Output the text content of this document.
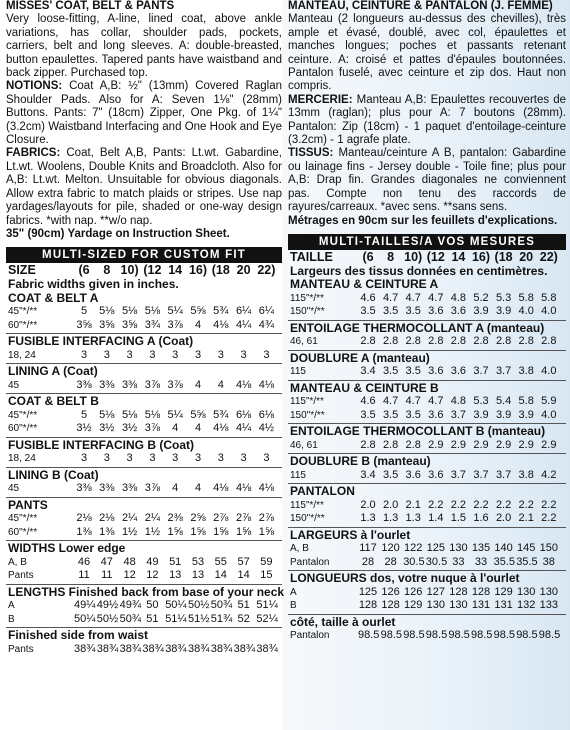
MISSES' COAT, BELT & PANTS

Very loose-fitting, A-line, lined coat, above ankle variations, has collar, shoulder pads, pockets, carriers, belt and long sleeves. A: double-breasted, button epaulettes. Tapered pants have waistband and back zipper. Purchased top.

NOTIONS: Coat A,B: ½" (13mm) Covered Raglan Shoulder Pads. Also for A: Seven 1⅛" (28mm) Buttons. Pants: 7" (18cm) Zipper, One Pkg. of 1¼" (3.2cm) Waistband Interfacing and One Hook and Eye Closure.

FABRICS: Coat, Belt A,B, Pants: Lt.wt. Gabardine, Lt.wt. Woolens, Double Knits and Broadcloth. Also for A,B: Lt.wt. Melton. Unsuitable for obvious diagonals. Allow extra fabric to match plaids or stripes. Use nap yardages/layouts for pile, shaded or one-way design fabrics. *with nap. **w/o nap.

35" (90cm) Yardage on Instruction Sheet.

MULTI-SIZED FOR CUSTOM FIT
SIZE	(6	8 10) (12 14 16) (18 20 22)
Fabric widths given in inches.
COAT & BELT A
45"*/**	5	5⅛ 5⅛ 5⅛ 5¼ 5⅝ 5¾ 6¼ 6¼
60"*/**	3⅝ 3⅝ 3⅝ 3¾ 3⅞	4	4⅛ 4¼ 4¾
FUSIBLE INTERFACING A (Coat)
18, 24	3	3	3	3	3	3	3	3	3
LINING A (Coat)
45	3⅜ 3⅜ 3⅜ 3⅞ 3⅞	4	4	4⅛ 4⅛
COAT & BELT B
45"*/**	5	5⅛ 5⅛ 5⅛ 5¼ 5⅝ 5¾ 6⅛ 6⅛
60"*/**	3½ 3½ 3½ 3⅞	4	4	4⅛ 4¼ 4½
FUSIBLE INTERFACING B (Coat)
18, 24	3	3	3	3	3	3	3	3	3
LINING B (Coat)
45	3⅜ 3⅜ 3⅜ 3⅞	4	4	4⅛ 4⅛ 4⅛
PANTS
45"*/**	2⅛ 2⅛ 2¼ 2¼ 2⅜ 2⅝ 2⅞ 2⅞ 2⅞
60"*/**	1⅜ 1⅜ 1½ 1½ 1⅝ 1⅝ 1⅝ 1⅝ 1⅝
WIDTHS Lower edge
A, B	46 47 48 49 51 53 55 57 59
Pants	11	11 12 12 13 13 14 14 15
LENGTHS Finished back from base of your neck
A	49¼ 49½ 49¾ 50 50¼ 50½ 50¾ 51 51¼
B	50¼ 50½ 50¾ 51 51¼ 51½ 51¾ 52 52¼
Finished side from waist
Pants	38¾ 38¾ 38¾ 38¾ 38¾ 38¾ 38¾ 38¾ 38¾

MANTEAU, CEINTURE & PANTALON (J. FEMME)

Manteau (2 longueurs au-dessus des chevilles), très ample et évasé, doublé, avec col, épaulettes et manches longues; poches et passants retenant ceinture. A: croisé et pattes d'épaules boutonnées. Pantalon fuselé, avec ceinture et zip dos. Haut non compris.

MERCERIE: Manteau A,B: Epaulettes recouvertes de 13mm (raglan); plus pour A: 7 boutons (28mm). Pantalon: Zip (18cm) - 1 paquet d'entoilage-ceinture (3.2cm) - 1 agrafe plate.

TISSUS: Manteau/ceinture A B, pantalon: Gabardine ou lainage fins - Jersey double - Toile fine; plus pour A,B: Drap fin. Grandes diagonales ne conviennent pas. Compte non tenu des raccords de rayures/carreaux. *avec sens. **sans sens.

Métrages en 90cm sur les feuillets d'explications.

MULTI-TAILLES/A VOS MESURES
TAILLE	(6	8 10) (12 14 16) (18 20 22)
Largeurs des tissus données en centimètres.
MANTEAU & CEINTURE A
115"*/**	4.6 4.7 4.7 4.7 4.8 5.2 5.3 5.8 5.8
150"*/**	3.5 3.5 3.5 3.6 3.6 3.9 3.9 4.0 4.0
ENTOILAGE THERMOCOLLANT A (manteau)
46, 61	2.8 2.8 2.8 2.8 2.8 2.8 2.8 2.8 2.8
DOUBLURE A (manteau)
115	3.4 3.5 3.5 3.6 3.6 3.7 3.7 3.8 4.0
MANTEAU & CEINTURE B
115"*/**	4.6 4.7 4.7 4.7 4.8 5.3 5.4 5.8 5.9
150"*/**	3.5 3.5 3.5 3.6 3.7 3.9 3.9 3.9 4.0
ENTOILAGE THERMOCOLLANT B (manteau)
46, 61	2.8 2.8 2.8 2.9 2.9 2.9 2.9 2.9 2.9
DOUBLURE B (manteau)
115	3.4 3.5 3.6 3.6 3.7 3.7 3.7 3.8 4.2
PANTALON
115"*/**	2.0 2.0 2.1 2.2 2.2 2.2 2.2 2.2 2.2
150"*/**	1.3 1.3 1.3 1.4 1.5 1.6 2.0 2.1 2.2
LARGEURS à l'ourlet
A, B	117 120 122 125 130 135 140 145 150
Pantalon	28 28 30.5 30.5 33 33 35.5 35.5 38
LONGUEURS dos, votre nuque à l'ourlet
A	125 126 126 127 128 128 129 130 130
B	128 128 129 130 130 131 131 132 133
côté, taille à ourlet
Pantalon	98.5 98.5 98.5 98.5 98.5 98.5 98.5 98.5 98.5
